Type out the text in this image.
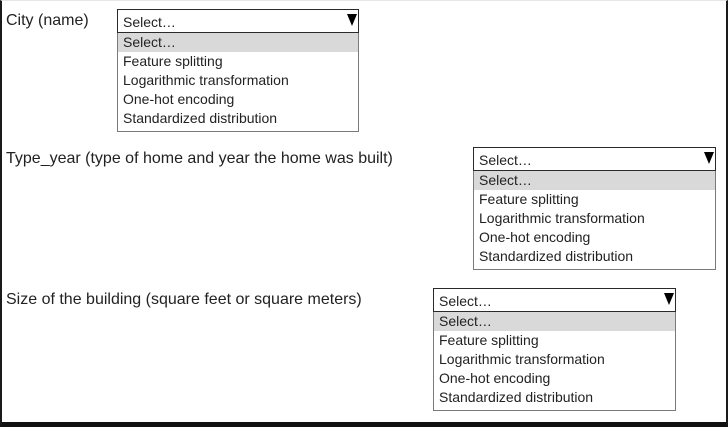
City (name) Select…
Select…
Feature splitting
Logarithmic transformation
One-hot encoding
Standardized distribution
Type_year (type of home and year the home was built)	Select…
Select…
Feature splitting
Logarithmic transformation
One-hot encoding
Standardized distribution
Size of the building (square feet or square meters)	Select…
Select…
Feature splitting
Logarithmic transformation
One-hot encoding
Standardized distribution
